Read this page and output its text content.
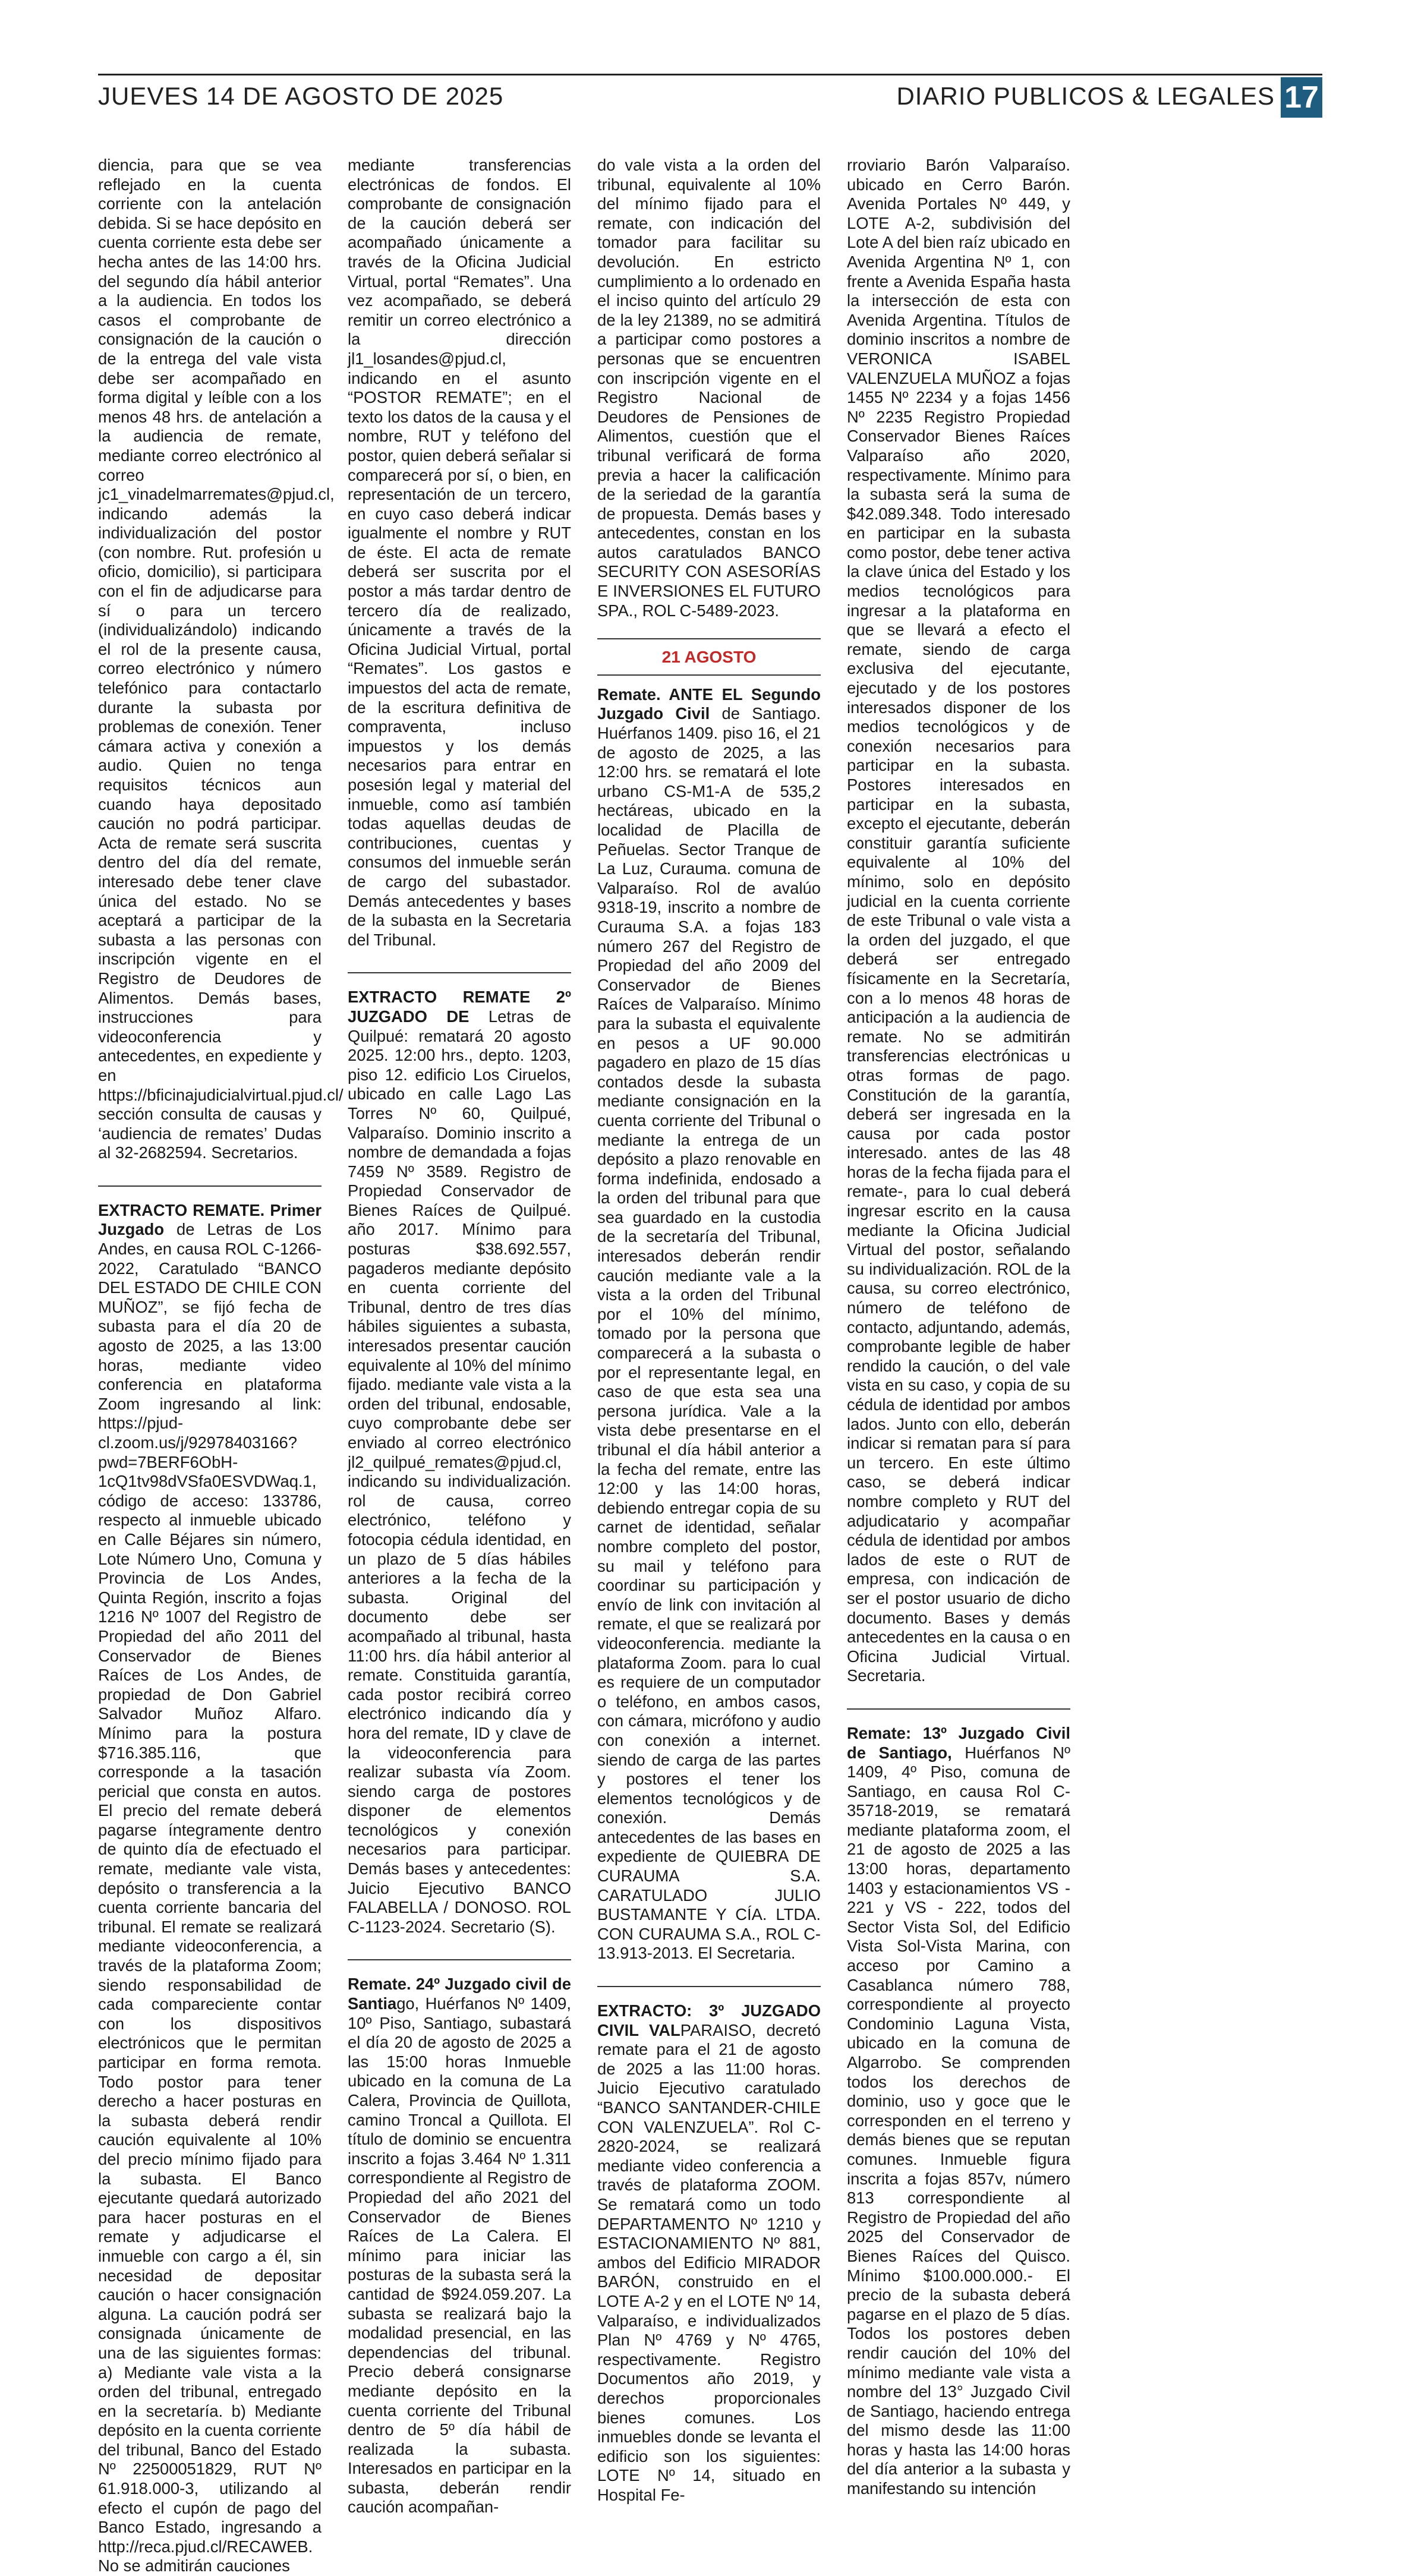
JUEVES 14 DE AGOSTO DE 2025	DIARIO PUBLICOS & LEGALES 17

diencia, para que se vea reflejado en la cuenta corriente con la antelación debida. Si se hace depósito en cuenta corriente esta debe ser hecha antes de las 14:00 hrs. del segundo día hábil anterior a la audiencia. En todos los casos el comprobante de consignación de la caución o de la entrega del vale vista debe ser acompañado en forma digital y leíble con a los menos 48 hrs. de antelación a la audiencia de remate, mediante correo electrónico al correo jc1_vinadelmarremates@pjud.cl, indicando además la individualización del postor (con nombre. Rut. profesión u oficio, domicilio), si participara con el fin de adjudicarse para sí o para un tercero (individualizándolo) indicando el rol de la presente causa, correo electrónico y número telefónico para contactarlo durante la subasta por problemas de conexión. Tener cámara activa y conexión a audio. Quien no tenga requisitos técnicos aun cuando haya depositado caución no podrá participar. Acta de remate será suscrita dentro del día del remate, interesado debe tener clave única del estado. No se aceptará a participar de la subasta a las personas con inscripción vigente en el Registro de Deudores de Alimentos. Demás bases, instrucciones para videoconferencia y antecedentes, en expediente y en https://bficinajudicialvirtual.pjud.cl/ sección consulta de causas y ‘audiencia de remates’ Dudas al 32-2682594. Secretarios.

EXTRACTO REMATE. Primer Juzgado de Letras de Los Andes, en causa ROL C-1266-2022, Caratulado “BANCO DEL ESTADO DE CHILE CON MUÑOZ”, se fijó fecha de subasta para el día 20 de agosto de 2025, a las 13:00 horas, mediante video conferencia en plataforma Zoom ingresando al link: https://pjud-cl.zoom.us/j/92978403166?pwd=7BERF6ObH-1cQ1tv98dVSfa0ESVDWaq.1, código de acceso: 133786, respecto al inmueble ubicado en Calle Béjares sin número, Lote Número Uno, Comuna y Provincia de Los Andes, Quinta Región, inscrito a fojas 1216 Nº 1007 del Registro de Propiedad del año 2011 del Conservador de Bienes Raíces de Los Andes, de propiedad de Don Gabriel Salvador Muñoz Alfaro. Mínimo para la postura $716.385.116, que corresponde a la tasación pericial que consta en autos. El precio del remate deberá pagarse íntegramente dentro de quinto día de efectuado el remate, mediante vale vista, depósito o transferencia a la cuenta corriente bancaria del tribunal. El remate se realizará mediante videoconferencia, a través de la plataforma Zoom; siendo responsabilidad de cada compareciente contar con los dispositivos electrónicos que le permitan participar en forma remota. Todo postor para tener derecho a hacer posturas en la subasta deberá rendir caución equivalente al 10% del precio mínimo fijado para la subasta. El Banco ejecutante quedará autorizado para hacer posturas en el remate y adjudicarse el inmueble con cargo a él, sin necesidad de depositar caución o hacer consignación alguna. La caución podrá ser consignada únicamente de una de las siguientes formas: a) Mediante vale vista a la orden del tribunal, entregado en la secretaría. b) Mediante depósito en la cuenta corriente del tribunal, Banco del Estado Nº 22500051829, RUT Nº 61.918.000-3, utilizando al efecto el cupón de pago del Banco Estado, ingresando a http://reca.pjud.cl/RECAWEB. No se admitirán cauciones

mediante transferencias electrónicas de fondos. El comprobante de consignación de la caución deberá ser acompañado únicamente a través de la Oficina Judicial Virtual, portal “Remates”. Una vez acompañado, se deberá remitir un correo electrónico a la dirección jl1_losandes@pjud.cl, indicando en el asunto “POSTOR REMATE”; en el texto los datos de la causa y el nombre, RUT y teléfono del postor, quien deberá señalar si comparecerá por sí, o bien, en representación de un tercero, en cuyo caso deberá indicar igualmente el nombre y RUT de éste. El acta de remate deberá ser suscrita por el postor a más tardar dentro de tercero día de realizado, únicamente a través de la Oficina Judicial Virtual, portal “Remates”. Los gastos e impuestos del acta de remate, de la escritura definitiva de compraventa, incluso impuestos y los demás necesarios para entrar en posesión legal y material del inmueble, como así también todas aquellas deudas de contribuciones, cuentas y consumos del inmueble serán de cargo del subastador. Demás antecedentes y bases de la subasta en la Secretaria del Tribunal.

EXTRACTO REMATE 2º JUZGADO DE Letras de Quilpué: rematará 20 agosto 2025. 12:00 hrs., depto. 1203, piso 12. edificio Los Ciruelos, ubicado en calle Lago Las Torres Nº 60, Quilpué, Valparaíso. Dominio inscrito a nombre de demandada a fojas 7459 Nº 3589. Registro de Propiedad Conservador de Bienes Raíces de Quilpué. año 2017. Mínimo para posturas $38.692.557, pagaderos mediante depósito en cuenta corriente del Tribunal, dentro de tres días hábiles siguientes a subasta, interesados presentar caución equivalente al 10% del mínimo fijado. mediante vale vista a la orden del tribunal, endosable, cuyo comprobante debe ser enviado al correo electrónico jl2_quilpué_remates@pjud.cl, indicando su individualización. rol de causa, correo electrónico, teléfono y fotocopia cédula identidad, en un plazo de 5 días hábiles anteriores a la fecha de la subasta. Original del documento debe ser acompañado al tribunal, hasta 11:00 hrs. día hábil anterior al remate. Constituida garantía, cada postor recibirá correo electrónico indicando día y hora del remate, ID y clave de la videoconferencia para realizar subasta vía Zoom. siendo carga de postores disponer de elementos tecnológicos y conexión necesarios para participar. Demás bases y antecedentes: Juicio Ejecutivo BANCO FALABELLA / DONOSO. ROL C-1123-2024. Secretario (S).

Remate. 24º Juzgado civil de Santiago, Huérfanos Nº 1409, 10º Piso, Santiago, subastará el día 20 de agosto de 2025 a las 15:00 horas Inmueble ubicado en la comuna de La Calera, Provincia de Quillota, camino Troncal a Quillota. El título de dominio se encuentra inscrito a fojas 3.464 Nº 1.311 correspondiente al Registro de Propiedad del año 2021 del Conservador de Bienes Raíces de La Calera. El mínimo para iniciar las posturas de la subasta será la cantidad de $924.059.207. La subasta se realizará bajo la modalidad presencial, en las dependencias del tribunal. Precio deberá consignarse mediante depósito en la cuenta corriente del Tribunal dentro de 5º día hábil de realizada la subasta. Interesados en participar en la subasta, deberán rendir caución acompañan-

do vale vista a la orden del tribunal, equivalente al 10% del mínimo fijado para el remate, con indicación del tomador para facilitar su devolución. En estricto cumplimiento a lo ordenado en el inciso quinto del artículo 29 de la ley 21389, no se admitirá a participar como postores a personas que se encuentren con inscripción vigente en el Registro Nacional de Deudores de Pensiones de Alimentos, cuestión que el tribunal verificará de forma previa a hacer la calificación de la seriedad de la garantía de propuesta. Demás bases y antecedentes, constan en los autos caratulados BANCO SECURITY CON ASESORÍAS E INVERSIONES EL FUTURO SPA., ROL C-5489-2023.

21 AGOSTO

Remate. ANTE EL Segundo Juzgado Civil de Santiago. Huérfanos 1409. piso 16, el 21 de agosto de 2025, a las 12:00 hrs. se rematará el lote urbano CS-M1-A de 535,2 hectáreas, ubicado en la localidad de Placilla de Peñuelas. Sector Tranque de La Luz, Curauma. comuna de Valparaíso. Rol de avalúo 9318-19, inscrito a nombre de Curauma S.A. a fojas 183 número 267 del Registro de Propiedad del año 2009 del Conservador de Bienes Raíces de Valparaíso. Mínimo para la subasta el equivalente en pesos a UF 90.000 pagadero en plazo de 15 días contados desde la subasta mediante consignación en la cuenta corriente del Tribunal o mediante la entrega de un depósito a plazo renovable en forma indefinida, endosado a la orden del tribunal para que sea guardado en la custodia de la secretaría del Tribunal, interesados deberán rendir caución mediante vale a la vista a la orden del Tribunal por el 10% del mínimo, tomado por la persona que comparecerá a la subasta o por el representante legal, en caso de que esta sea una persona jurídica. Vale a la vista debe presentarse en el tribunal el día hábil anterior a la fecha del remate, entre las 12:00 y las 14:00 horas, debiendo entregar copia de su carnet de identidad, señalar nombre completo del postor, su mail y teléfono para coordinar su participación y envío de link con invitación al remate, el que se realizará por videoconferencia. mediante la plataforma Zoom. para lo cual es requiere de un computador o teléfono, en ambos casos, con cámara, micrófono y audio con conexión a internet. siendo de carga de las partes y postores el tener los elementos tecnológicos y de conexión. Demás antecedentes de las bases en expediente de QUIEBRA DE CURAUMA S.A. CARATULADO JULIO BUSTAMANTE Y CÍA. LTDA. CON CURAUMA S.A., ROL C-13.913-2013. El Secretaria.

EXTRACTO: 3º JUZGADO CIVIL VALPARAISO, decretó remate para el 21 de agosto de 2025 a las 11:00 horas. Juicio Ejecutivo caratulado “BANCO SANTANDER-CHILE CON VALENZUELA”. Rol C-2820-2024, se realizará mediante video conferencia a través de plataforma ZOOM. Se rematará como un todo DEPARTAMENTO Nº 1210 y ESTACIONAMIENTO Nº 881, ambos del Edificio MIRADOR BARÓN, construido en el LOTE A-2 y en el LOTE Nº 14, Valparaíso, e individualizados Plan Nº 4769 y Nº 4765, respectivamente. Registro Documentos año 2019, y derechos proporcionales bienes comunes. Los inmuebles donde se levanta el edificio son los siguientes: LOTE Nº 14, situado en Hospital Fe-

rroviario Barón Valparaíso. ubicado en Cerro Barón. Avenida Portales Nº 449, y LOTE A-2, subdivisión del Lote A del bien raíz ubicado en Avenida Argentina Nº 1, con frente a Avenida España hasta la intersección de esta con Avenida Argentina. Títulos de dominio inscritos a nombre de VERONICA ISABEL VALENZUELA MUÑOZ a fojas 1455 Nº 2234 y a fojas 1456 Nº 2235 Registro Propiedad Conservador Bienes Raíces Valparaíso año 2020, respectivamente. Mínimo para la subasta será la suma de $42.089.348. Todo interesado en participar en la subasta como postor, debe tener activa la clave única del Estado y los medios tecnológicos para ingresar a la plataforma en que se llevará a efecto el remate, siendo de carga exclusiva del ejecutante, ejecutado y de los postores interesados disponer de los medios tecnológicos y de conexión necesarios para participar en la subasta. Postores interesados en participar en la subasta, excepto el ejecutante, deberán constituir garantía suficiente equivalente al 10% del mínimo, solo en depósito judicial en la cuenta corriente de este Tribunal o vale vista a la orden del juzgado, el que deberá ser entregado físicamente en la Secretaría, con a lo menos 48 horas de anticipación a la audiencia de remate. No se admitirán transferencias electrónicas u otras formas de pago. Constitución de la garantía, deberá ser ingresada en la causa por cada postor interesado. antes de las 48 horas de la fecha fijada para el remate-, para lo cual deberá ingresar escrito en la causa mediante la Oficina Judicial Virtual del postor, señalando su individualización. ROL de la causa, su correo electrónico, número de teléfono de contacto, adjuntando, además, comprobante legible de haber rendido la caución, o del vale vista en su caso, y copia de su cédula de identidad por ambos lados. Junto con ello, deberán indicar si rematan para sí para un tercero. En este último caso, se deberá indicar nombre completo y RUT del adjudicatario y acompañar cédula de identidad por ambos lados de este o RUT de empresa, con indicación de ser el postor usuario de dicho documento. Bases y demás antecedentes en la causa o en Oficina Judicial Virtual. Secretaria.

Remate: 13º Juzgado Civil de Santiago, Huérfanos Nº 1409, 4º Piso, comuna de Santiago, en causa Rol C-35718-2019, se rematará mediante plataforma zoom, el 21 de agosto de 2025 a las 13:00 horas, departamento 1403 y estacionamientos VS - 221 y VS - 222, todos del Sector Vista Sol, del Edificio Vista Sol-Vista Marina, con acceso por Camino a Casablanca número 788, correspondiente al proyecto Condominio Laguna Vista, ubicado en la comuna de Algarrobo. Se comprenden todos los derechos de dominio, uso y goce que le corresponden en el terreno y demás bienes que se reputan comunes. Inmueble figura inscrita a fojas 857v, número 813 correspondiente al Registro de Propiedad del año 2025 del Conservador de Bienes Raíces del Quisco. Mínimo $100.000.000.- El precio de la subasta deberá pagarse en el plazo de 5 días. Todos los postores deben rendir caución del 10% del mínimo mediante vale vista a nombre del 13° Juzgado Civil de Santiago, haciendo entrega del mismo desde las 11:00 horas y hasta las 14:00 horas del día anterior a la subasta y manifestando su intención
